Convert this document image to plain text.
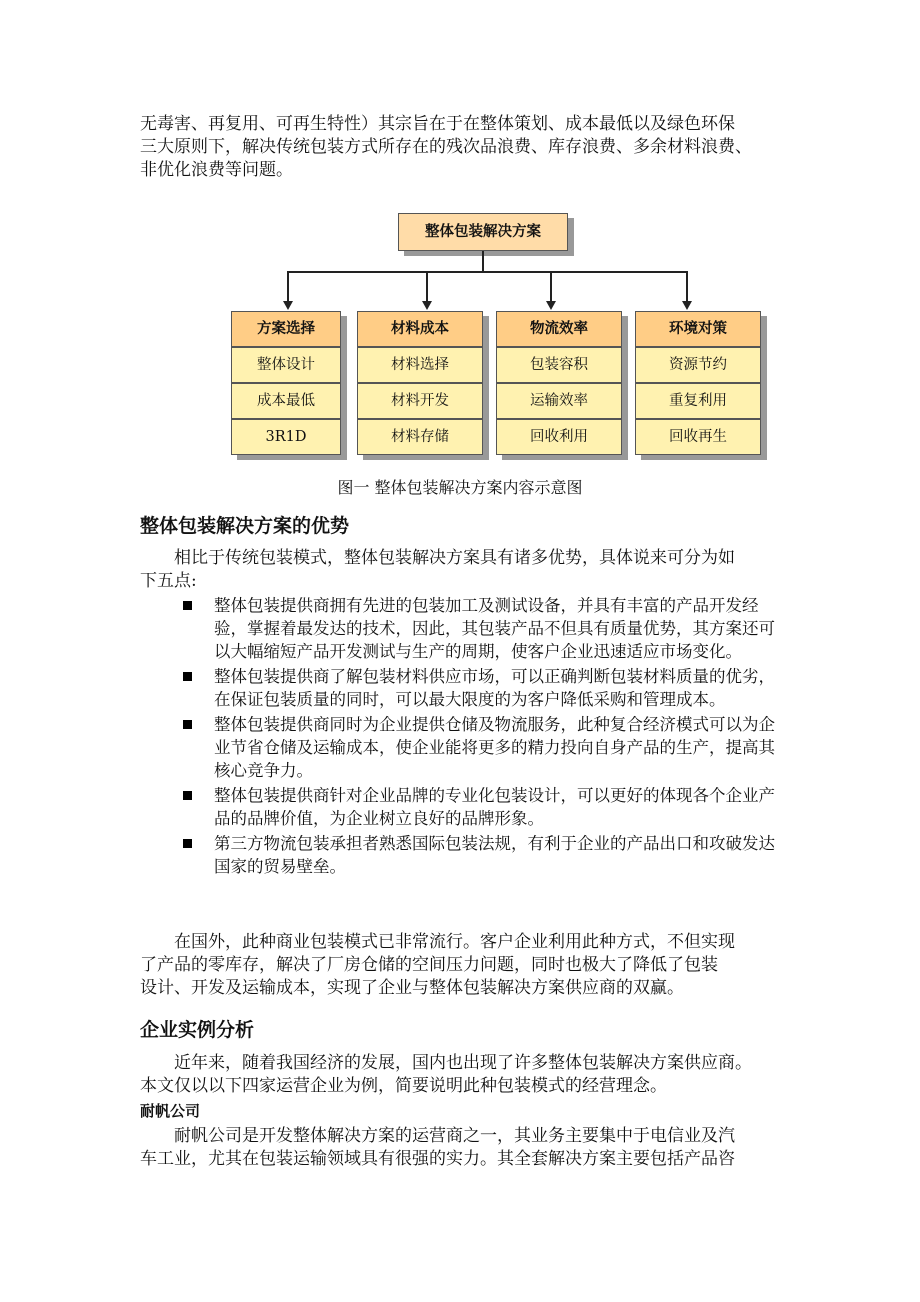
无毒害、再复用、可再生特性）其宗旨在于在整体策划、成本最低以及绿色环保
三大原则下，解决传统包装方式所存在的残次品浪费、库存浪费、多余材料浪费、
非优化浪费等问题。
整体包装解决方案
方案选择
整体设计
成本最低
3R1D
材料成本
材料选择
材料开发
材料存储
物流效率
包装容积
运输效率
回收利用
环境对策
资源节约
重复利用
回收再生

图一 整体包装解决方案内容示意图

整体包装解决方案的优势
相比于传统包装模式，整体包装解决方案具有诸多优势，具体说来可分为如
下五点:
整体包装提供商拥有先进的包装加工及测试设备，并具有丰富的产品开发经验，掌握着最发达的技术，因此，其包装产品不但具有质量优势，其方案还可以大幅缩短产品开发测试与生产的周期，使客户企业迅速适应市场变化。
整体包装提供商了解包装材料供应市场，可以正确判断包装材料质量的优劣，在保证包装质量的同时，可以最大限度的为客户降低采购和管理成本。
整体包装提供商同时为企业提供仓储及物流服务，此种复合经济模式可以为企业节省仓储及运输成本，使企业能将更多的精力投向自身产品的生产，提高其核心竞争力。
整体包装提供商针对企业品牌的专业化包装设计，可以更好的体现各个企业产品的品牌价值，为企业树立良好的品牌形象。
第三方物流包装承担者熟悉国际包装法规，有利于企业的产品出口和攻破发达国家的贸易壁垒。
在国外，此种商业包装模式已非常流行。客户企业利用此种方式，不但实现
了产品的零库存，解决了厂房仓储的空间压力问题，同时也极大了降低了包装
设计、开发及运输成本，实现了企业与整体包装解决方案供应商的双赢。
企业实例分析
近年来，随着我国经济的发展，国内也出现了许多整体包装解决方案供应商。
本文仅以以下四家运营企业为例，简要说明此种包装模式的经营理念。
耐帆公司
耐帆公司是开发整体解决方案的运营商之一，其业务主要集中于电信业及汽
车工业，尤其在包装运输领域具有很强的实力。其全套解决方案主要包括产品咨
